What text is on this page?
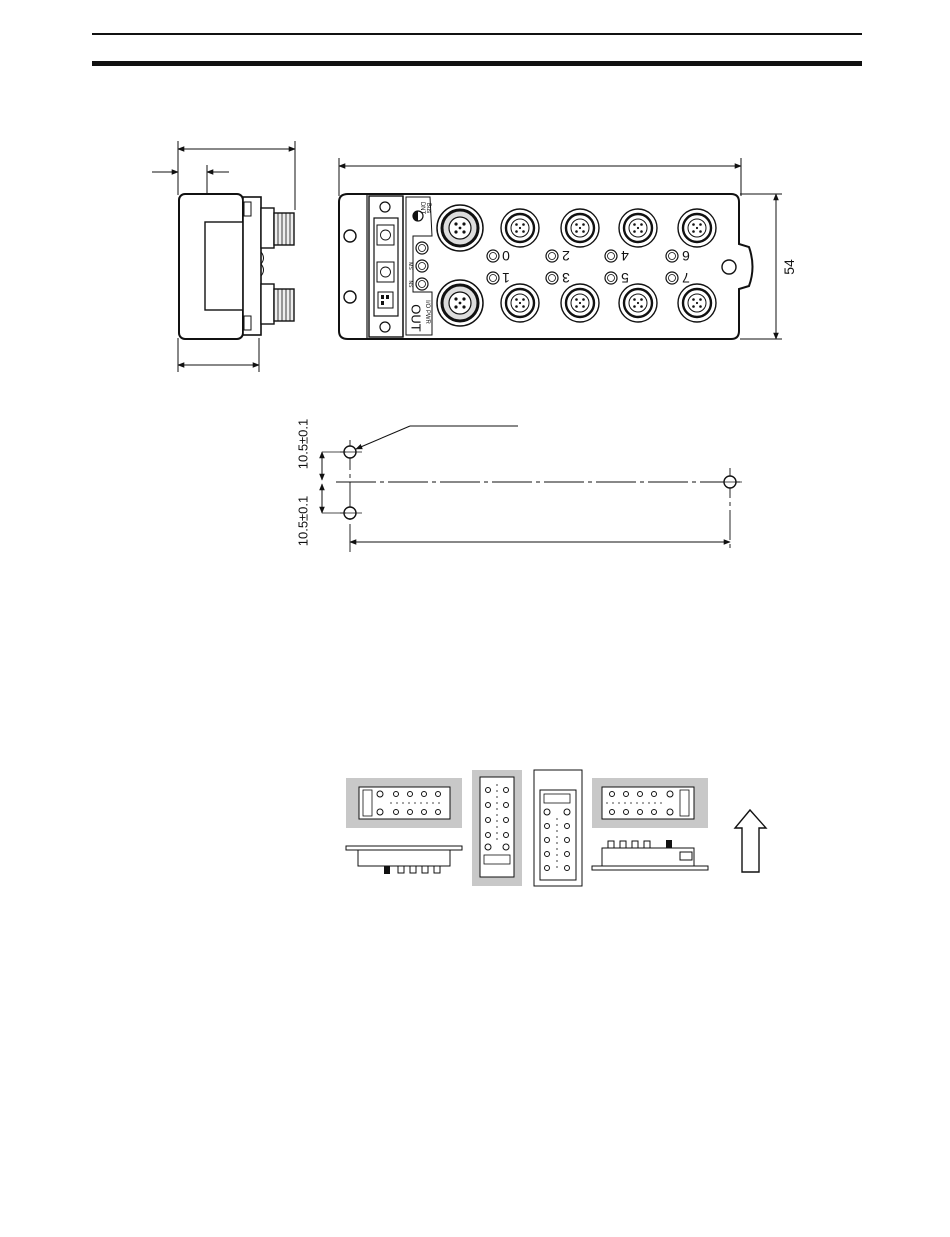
0
1
2
3
4
5
6
7
OUT I/O PWR
Bus
DNT
MS
NS
54
10.5±0.1
10.5±0.1
